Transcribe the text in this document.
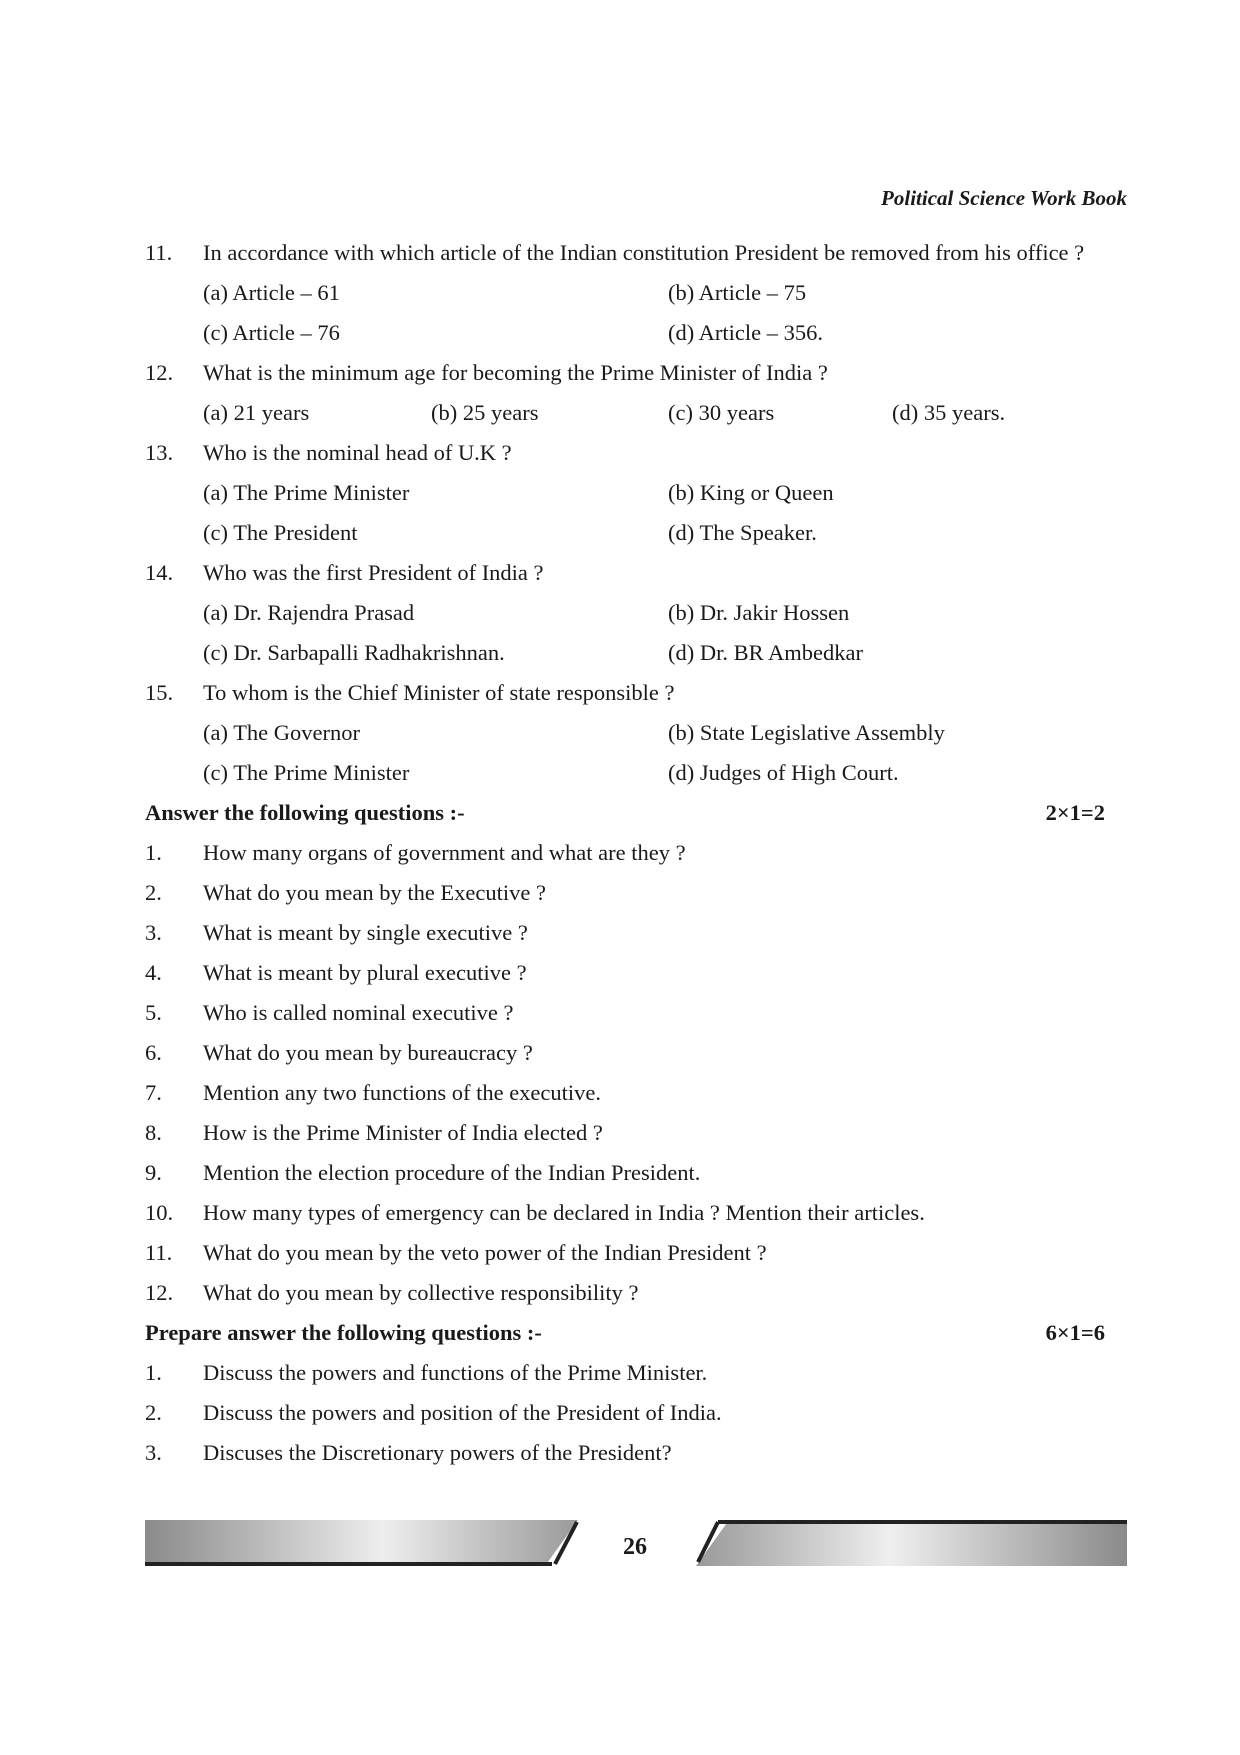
Political Science Work Book
11. In accordance with which article of the Indian constitution President be removed from his office ?
(a) Article – 61	(b) Article – 75
(c) Article – 76	(d) Article – 356.
12. What is the minimum age for becoming the Prime Minister of India ?
(a) 21 years	(b) 25 years	(c) 30 years	(d) 35 years.
13. Who is the nominal head of U.K ?
(a) The Prime Minister	(b) King or Queen
(c) The President	(d) The Speaker.
14. Who was the first President of India ?
(a) Dr. Rajendra Prasad	(b) Dr. Jakir Hossen
(c) Dr. Sarbapalli Radhakrishnan.	(d) Dr. BR Ambedkar
15. To whom is the Chief Minister of state responsible ?
(a) The Governor	(b) State Legislative Assembly
(c) The Prime Minister	(d) Judges of High Court.
Answer the following questions :-	2×1=2
1. How many organs of government and what are they ?
2. What do you mean by the Executive ?
3. What is meant by single executive ?
4. What is meant by plural executive ?
5. Who is called nominal executive ?
6. What do you mean by bureaucracy ?
7. Mention any two functions of the executive.
8. How is the Prime Minister of India elected ?
9. Mention the election procedure of the Indian President.
10. How many types of emergency can be declared in India ? Mention their articles.
11. What do you mean by the veto power of the Indian President ?
12. What do you mean by collective responsibility ?
Prepare answer the following questions :-	6×1=6
1. Discuss the powers and functions of the Prime Minister.
2. Discuss the powers and position of the President of India.
3. Discuses the Discretionary powers of the President?
26
